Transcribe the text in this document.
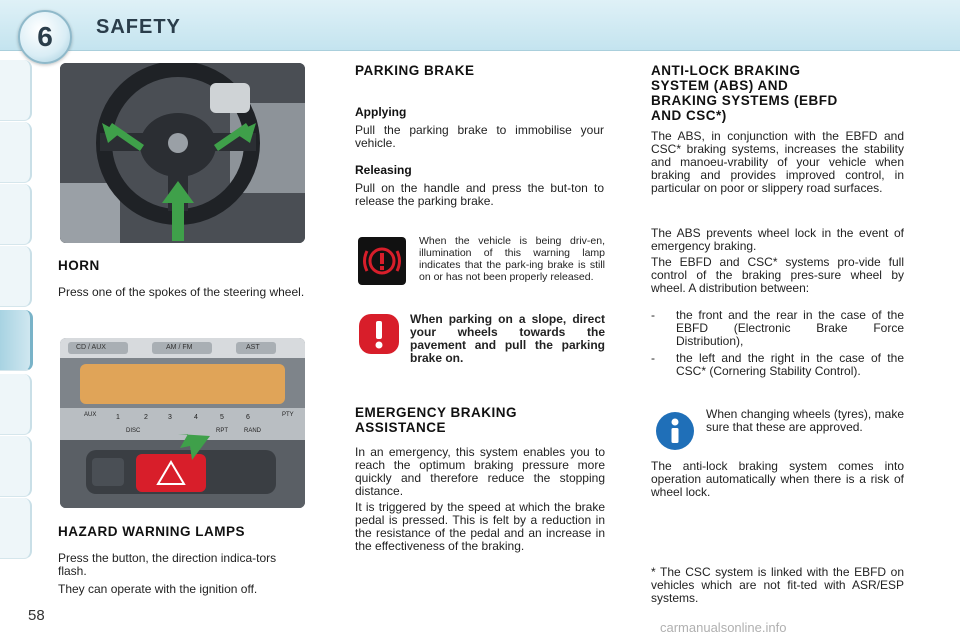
6	SAFETY
HORN

Press one of the spokes of the steering wheel.

CD / AUX	AM / FM	AST
AUX	1	2	3	4	5	6
DISC	RPT	RAND
PTY
HAZARD WARNING LAMPS

Press the button, the direction indica-tors flash.

They can operate with the ignition off.

PARKING BRAKE
Applying

Pull the parking brake to immobilise your vehicle.

Releasing

Pull on the handle and press the but-ton to release the parking brake.

When the vehicle is being driv-en, illumination of this warning lamp indicates that the park-ing brake is still on or has not been properly released.

When parking on a slope, direct your wheels towards the pavement and pull the parking brake on.

EMERGENCY BRAKING ASSISTANCE

In an emergency, this system enables you to reach the optimum braking pressure more quickly and therefore reduce the stopping distance.

It is triggered by the speed at which the brake pedal is pressed. This is felt by a reduction in the resistance of the pedal and an increase in the effectiveness of the braking.

ANTI-LOCK BRAKING SYSTEM (ABS) AND BRAKING SYSTEMS (EBFD AND CSC*)

The ABS, in conjunction with the EBFD and CSC* braking systems, increases the stability and manoeu-vrability of your vehicle when braking and provides improved control, in particular on poor or slippery road surfaces.

The ABS prevents wheel lock in the event of emergency braking.

The EBFD and CSC* systems pro-vide full control of the braking pres-sure wheel by wheel. A distribution between:

- the front and the rear in the case of the EBFD (Electronic Brake Force Distribution),
- the left and the right in the case of the CSC* (Cornering Stability Control).

When changing wheels (tyres), make sure that these are approved.

The anti-lock braking system comes into operation automatically when there is a risk of wheel lock.

* The CSC system is linked with the EBFD on vehicles which are not fit-ted with ASR/ESP systems.

58
carmanualsonline.info
